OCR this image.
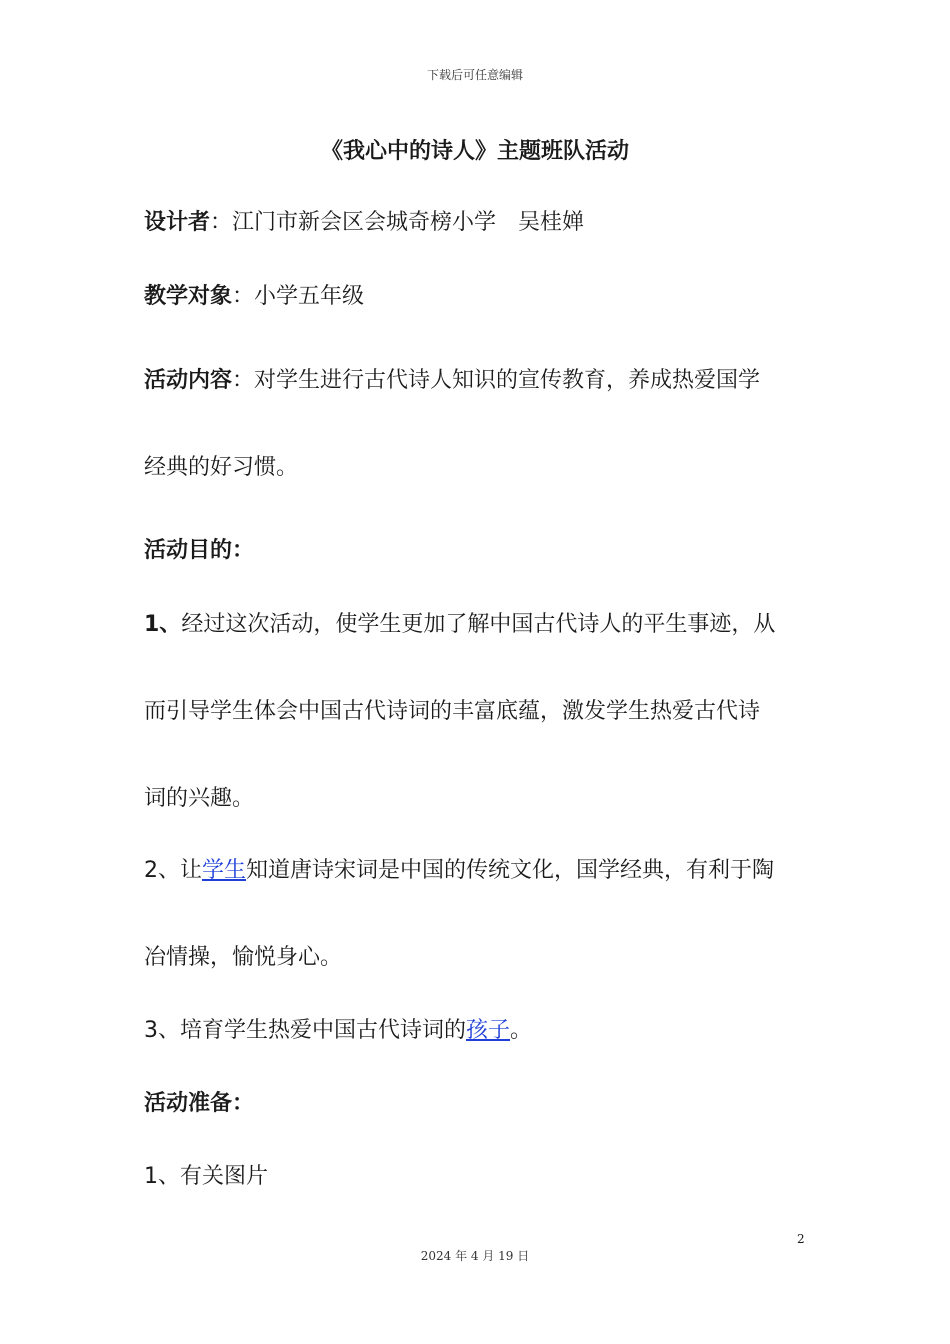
下载后可任意编辑
《我心中的诗人》主题班队活动
设计者：江门市新会区会城奇榜小学　吴桂婵
教学对象：小学五年级
活动内容：对学生进行古代诗人知识的宣传教育，养成热爱国学
经典的好习惯。
活动目的：
1、经过这次活动，使学生更加了解中国古代诗人的平生事迹，从
而引导学生体会中国古代诗词的丰富底蕴，激发学生热爱古代诗
词的兴趣。
2、让学生知道唐诗宋词是中国的传统文化，国学经典，有利于陶
冶情操，愉悦身心。
3、培育学生热爱中国古代诗词的孩子。
活动准备：
1、有关图片
2
2024 年 4 月 19 日
